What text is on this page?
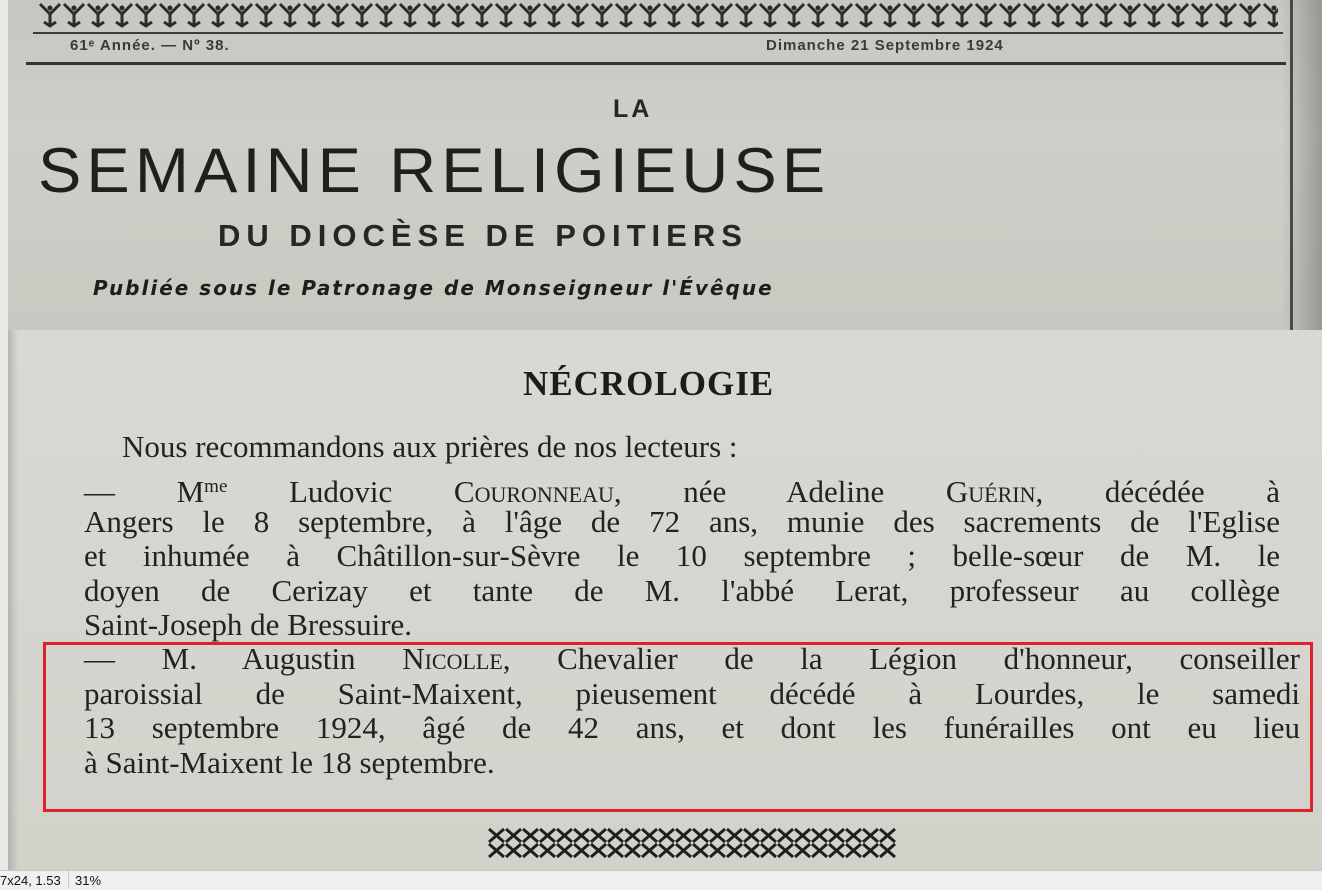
61ᵉ Année. — Nº 38.	Dimanche 21 Septembre 1924
LA
SEMAINE RELIGIEUSE
DU DIOCÈSE DE POITIERS
Publiée sous le Patronage de Monseigneur l'Évêque
NÉCROLOGIE
Nous recommandons aux prières de nos lecteurs :
— $M^{me}$ Ludovic Couronneau, née Adeline Guérin, décédée à
Angers le 8 septembre, à l'âge de 72 ans, munie des sacrements de l'Eglise
et inhumée à Châtillon-sur-Sèvre le 10 septembre ; belle-sœur de M. le
doyen de Cerizay et tante de M. l'abbé Lerat, professeur au collège
Saint-Joseph de Bressuire.
— M. Augustin Nicolle, Chevalier de la Légion d'honneur, conseiller
paroissial de Saint-Maixent, pieusement décédé à Lourdes, le samedi
13 septembre 1924, âgé de 42 ans, et dont les funérailles ont eu lieu
à Saint-Maixent le 18 septembre.
7x24, 1.53	31%
